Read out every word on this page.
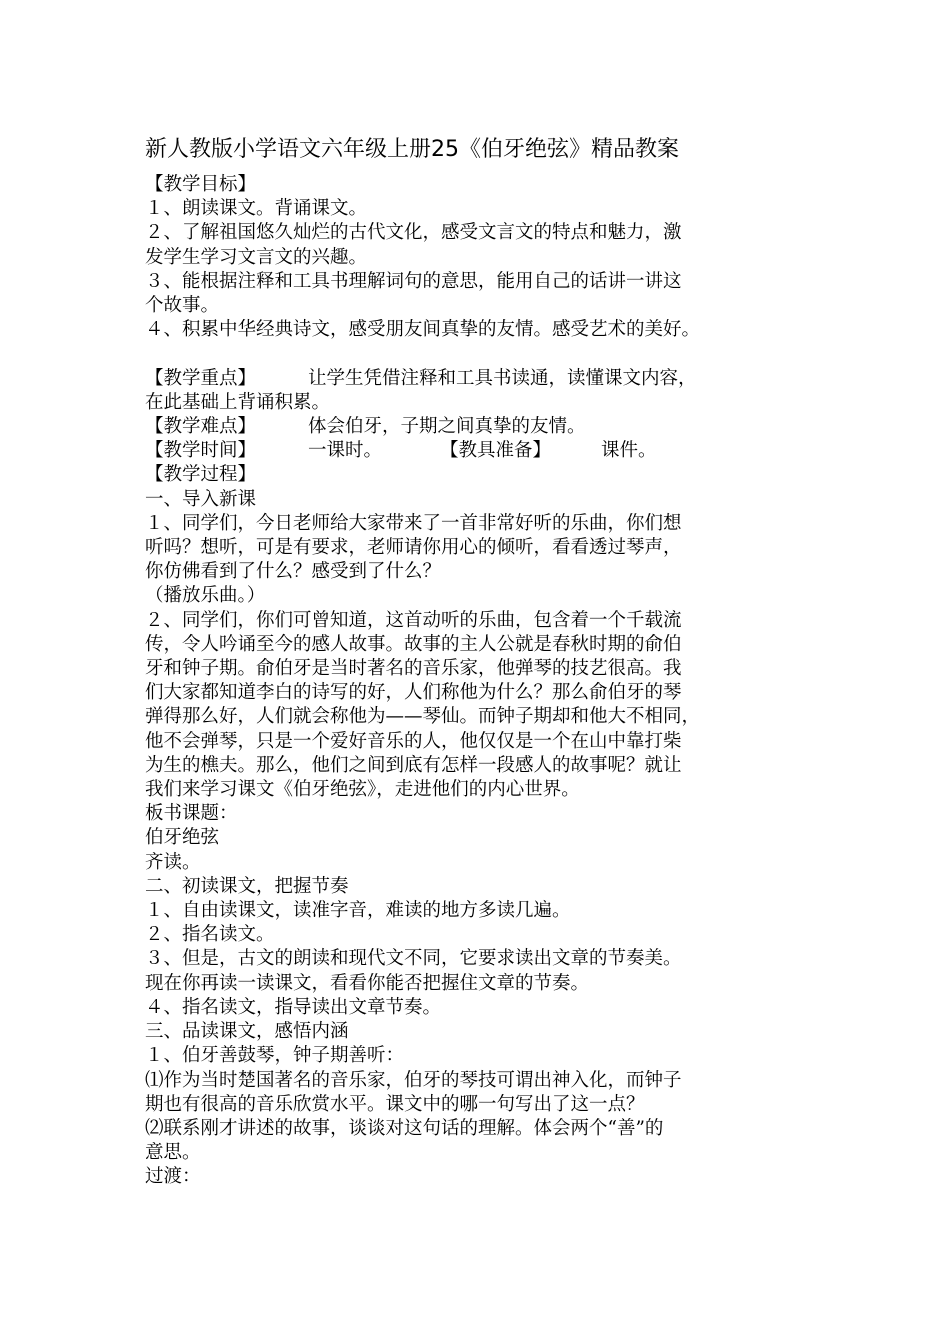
新人教版小学语文六年级上册25《伯牙绝弦》精品教案

【教学目标】

１、朗读课文。背诵课文。

２、了解祖国悠久灿烂的古代文化，感受文言文的特点和魅力，激

发学生学习文言文的兴趣。

３、能根据注释和工具书理解词句的意思，能用自己的话讲一讲这

个故事。

４、积累中华经典诗文，感受朋友间真挚的友情。感受艺术的美好。

【教学重点】	让学生凭借注释和工具书读通，读懂课文内容，

在此基础上背诵积累。

【教学难点】	体会伯牙，子期之间真挚的友情。

【教学时间】	一课时。	【教具准备】	课件。

【教学过程】

一、导入新课

１、同学们，今日老师给大家带来了一首非常好听的乐曲，你们想

听吗？想听，可是有要求，老师请你用心的倾听，看看透过琴声，

你仿佛看到了什么？感受到了什么？

（播放乐曲。）

２、同学们，你们可曾知道，这首动听的乐曲，包含着一个千载流

传，令人吟诵至今的感人故事。故事的主人公就是春秋时期的俞伯

牙和钟子期。俞伯牙是当时著名的音乐家，他弹琴的技艺很高。我

们大家都知道李白的诗写的好，人们称他为什么？那么俞伯牙的琴

弹得那么好，人们就会称他为——琴仙。而钟子期却和他大不相同，

他不会弹琴，只是一个爱好音乐的人，他仅仅是一个在山中靠打柴

为生的樵夫。那么，他们之间到底有怎样一段感人的故事呢？就让

我们来学习课文《伯牙绝弦》，走进他们的内心世界。

板书课题：

伯牙绝弦

齐读。

二、初读课文，把握节奏

１、自由读课文，读准字音，难读的地方多读几遍。

２、指名读文。

３、但是，古文的朗读和现代文不同，它要求读出文章的节奏美。

现在你再读一读课文，看看你能否把握住文章的节奏。

４、指名读文，指导读出文章节奏。

三、品读课文，感悟内涵

１、伯牙善鼓琴，钟子期善听：

⑴作为当时楚国著名的音乐家，伯牙的琴技可谓出神入化，而钟子

期也有很高的音乐欣赏水平。课文中的哪一句写出了这一点？

⑵联系刚才讲述的故事，谈谈对这句话的理解。体会两个“善”的

意思。

过渡：
